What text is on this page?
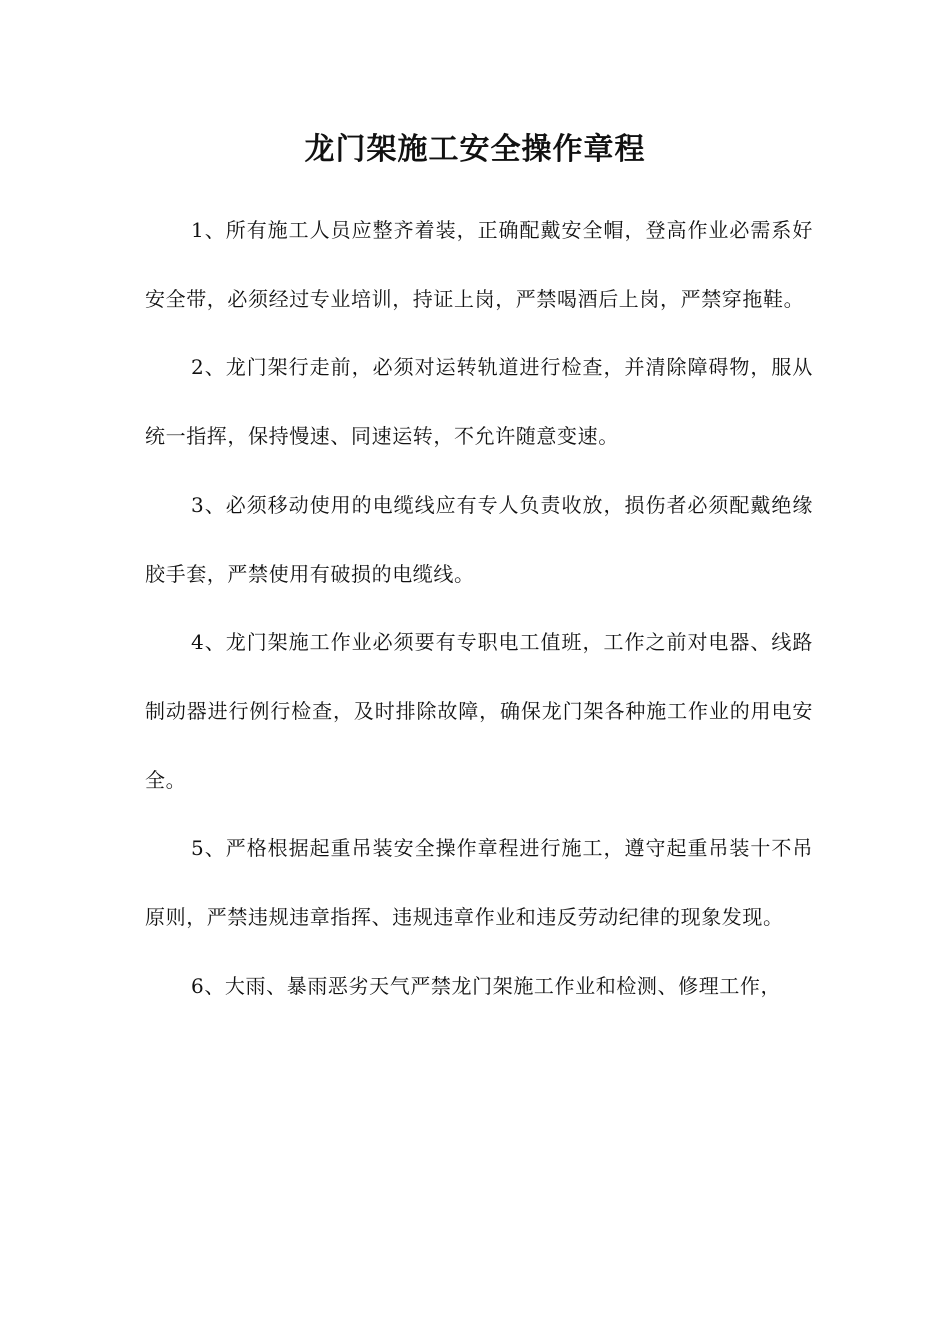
龙门架施工安全操作章程

1、所有施工人员应整齐着装，正确配戴安全帽，登高作业必需系好安全带，必须经过专业培训，持证上岗，严禁喝酒后上岗，严禁穿拖鞋。

2、龙门架行走前，必须对运转轨道进行检查，并清除障碍物，服从统一指挥，保持慢速、同速运转，不允许随意变速。

3、必须移动使用的电缆线应有专人负责收放，损伤者必须配戴绝缘胶手套，严禁使用有破损的电缆线。

4、龙门架施工作业必须要有专职电工值班，工作之前对电器、线路制动器进行例行检查，及时排除故障，确保龙门架各种施工作业的用电安全。

5、严格根据起重吊装安全操作章程进行施工，遵守起重吊装十不吊原则，严禁违规违章指挥、违规违章作业和违反劳动纪律的现象发现。

6、大雨、暴雨恶劣天气严禁龙门架施工作业和检测、修理工作，
